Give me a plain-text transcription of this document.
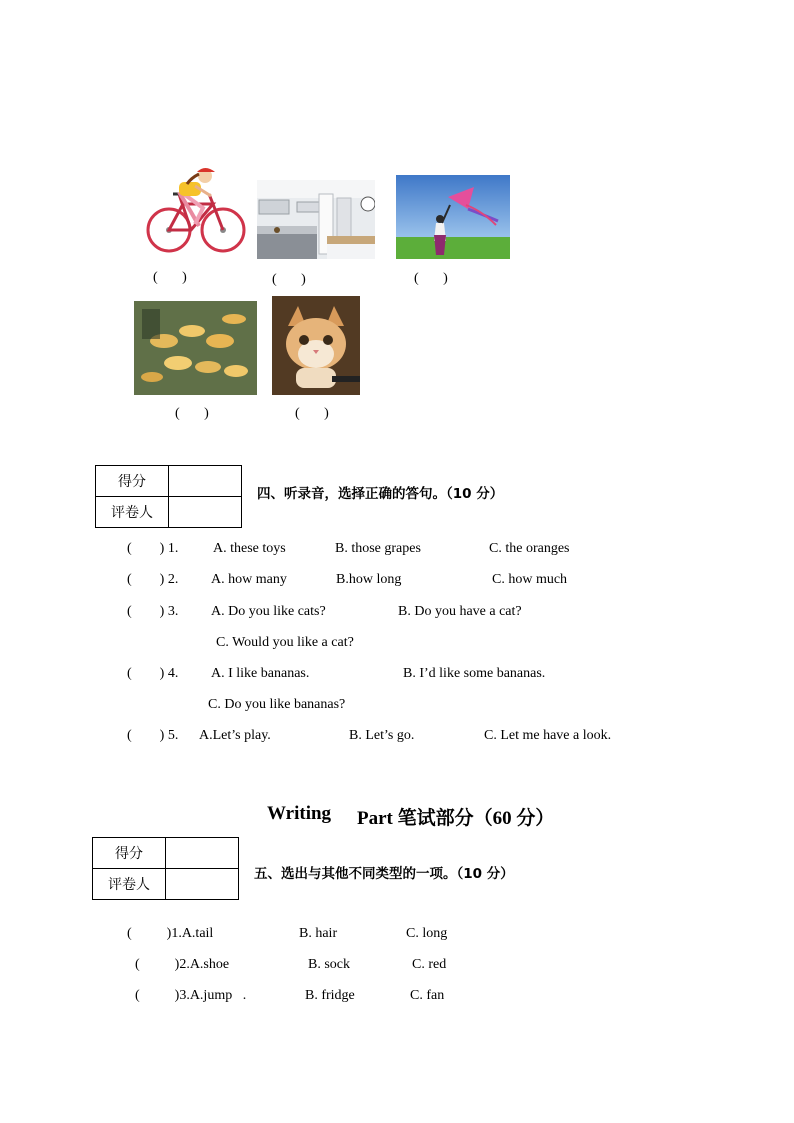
(       )	(       )	(       )
(       )	(       )
得分	
评卷人	
四、听录音，选择正确的答句。（10 分）
(        ) 1. A. these toys	B. those grapes	C. the oranges
(        ) 2. A. how many	B.how long	C. how much
(        ) 3. A. Do you like cats?	B. Do you have a cat?
C. Would you like a cat?
(        ) 4. A. I like bananas.	B. I’d like some bananas.
C. Do you like bananas?
(        ) 5. A.Let’s play.	B. Let’s go.	C. Let me have a look.
Writing Part 笔试部分（60 分）
得分	
评卷人	
五、选出与其他不同类型的一项。（10 分）
(          )1.A.tail	B. hair	C. long
(          )2.A.shoe	B. sock	C. red
(          )3.A.jump   .	B. fridge	C. fan
